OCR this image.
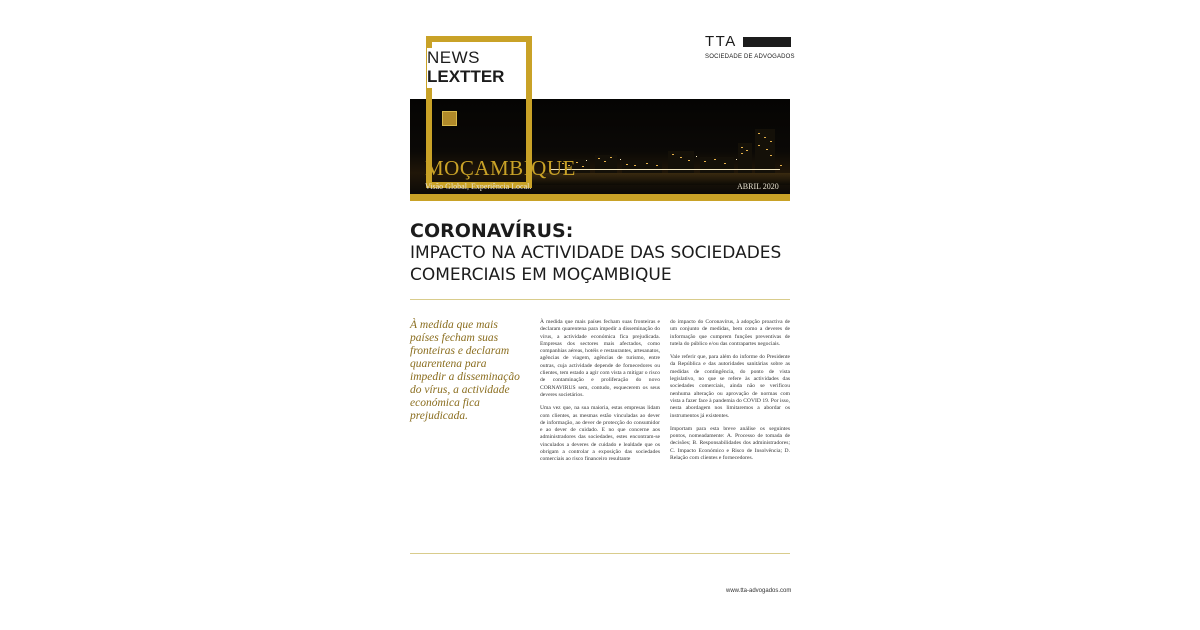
NEWS
LEXTTER
TTA
SOCIEDADE DE ADVOGADOS
MOÇAMBIQUE
Visão Global, Experiência Local.	ABRIL 2020
CORONAVÍRUS:
IMPACTO NA ACTIVIDADE DAS SOCIEDADES
COMERCIAIS EM MOÇAMBIQUE
À medida que mais países fecham suas fronteiras e declaram quarentena para impedir a disseminação do vírus, a actividade económica fica prejudicada.

À medida que mais países fecham suas fronteiras e declaram quarentena para impedir a disseminação do vírus, a actividade económica fica prejudicada. Empresas dos sectores mais afectados, como companhias aéreas, hotéis e restaurantes, artesanatos, agências de viagem, agências de turismo, entre outras, cuja actividade depende de fornecedores ou clientes, tem estado a agir com vista a mitigar o risco de contaminação e proliferação do novo CORNAVIRUS sem, contudo, esquecerem os seus deveres societários.

Uma vez que, na sua maioria, estas empresas lidam com clientes, as mesmas estão vinculadas ao dever de informação, ao dever de protecção do consumidor e ao dever de cuidado. E no que concerne aos administradores das sociedades, estes encontram-se vinculados a deveres de cuidado e lealdade que os obrigam a controlar a exposição das sociedades comerciais ao risco financeiro resultante

do impacto do Coronavírus, à adopção proactiva de um conjunto de medidas, bem como a deveres de informação que cumprem funções preventivas de tutela do público e/ou das contrapartes negociais.

Vale referir que, para além do informe do Presidente da República e das autoridades sanitárias sobre as medidas de contingência, do ponto de vista legislativo, no que se refere às actividades das sociedades comerciais, ainda não se verificou nenhuma alteração ou aprovação de normas com vista a fazer face à pandemia do COVID 19. Por isso, nesta abordagem nos limitaremos a abordar os instrumentos já existentes.

Importam para esta breve análise os seguintes pontos, nomeadamente: A. Processo de tomada de decisões; B. Responsabilidades dos administradores; C. Impacto Económico e Risco de Insolvência; D. Relação com clientes e fornecedores.

www.tta-advogados.com
